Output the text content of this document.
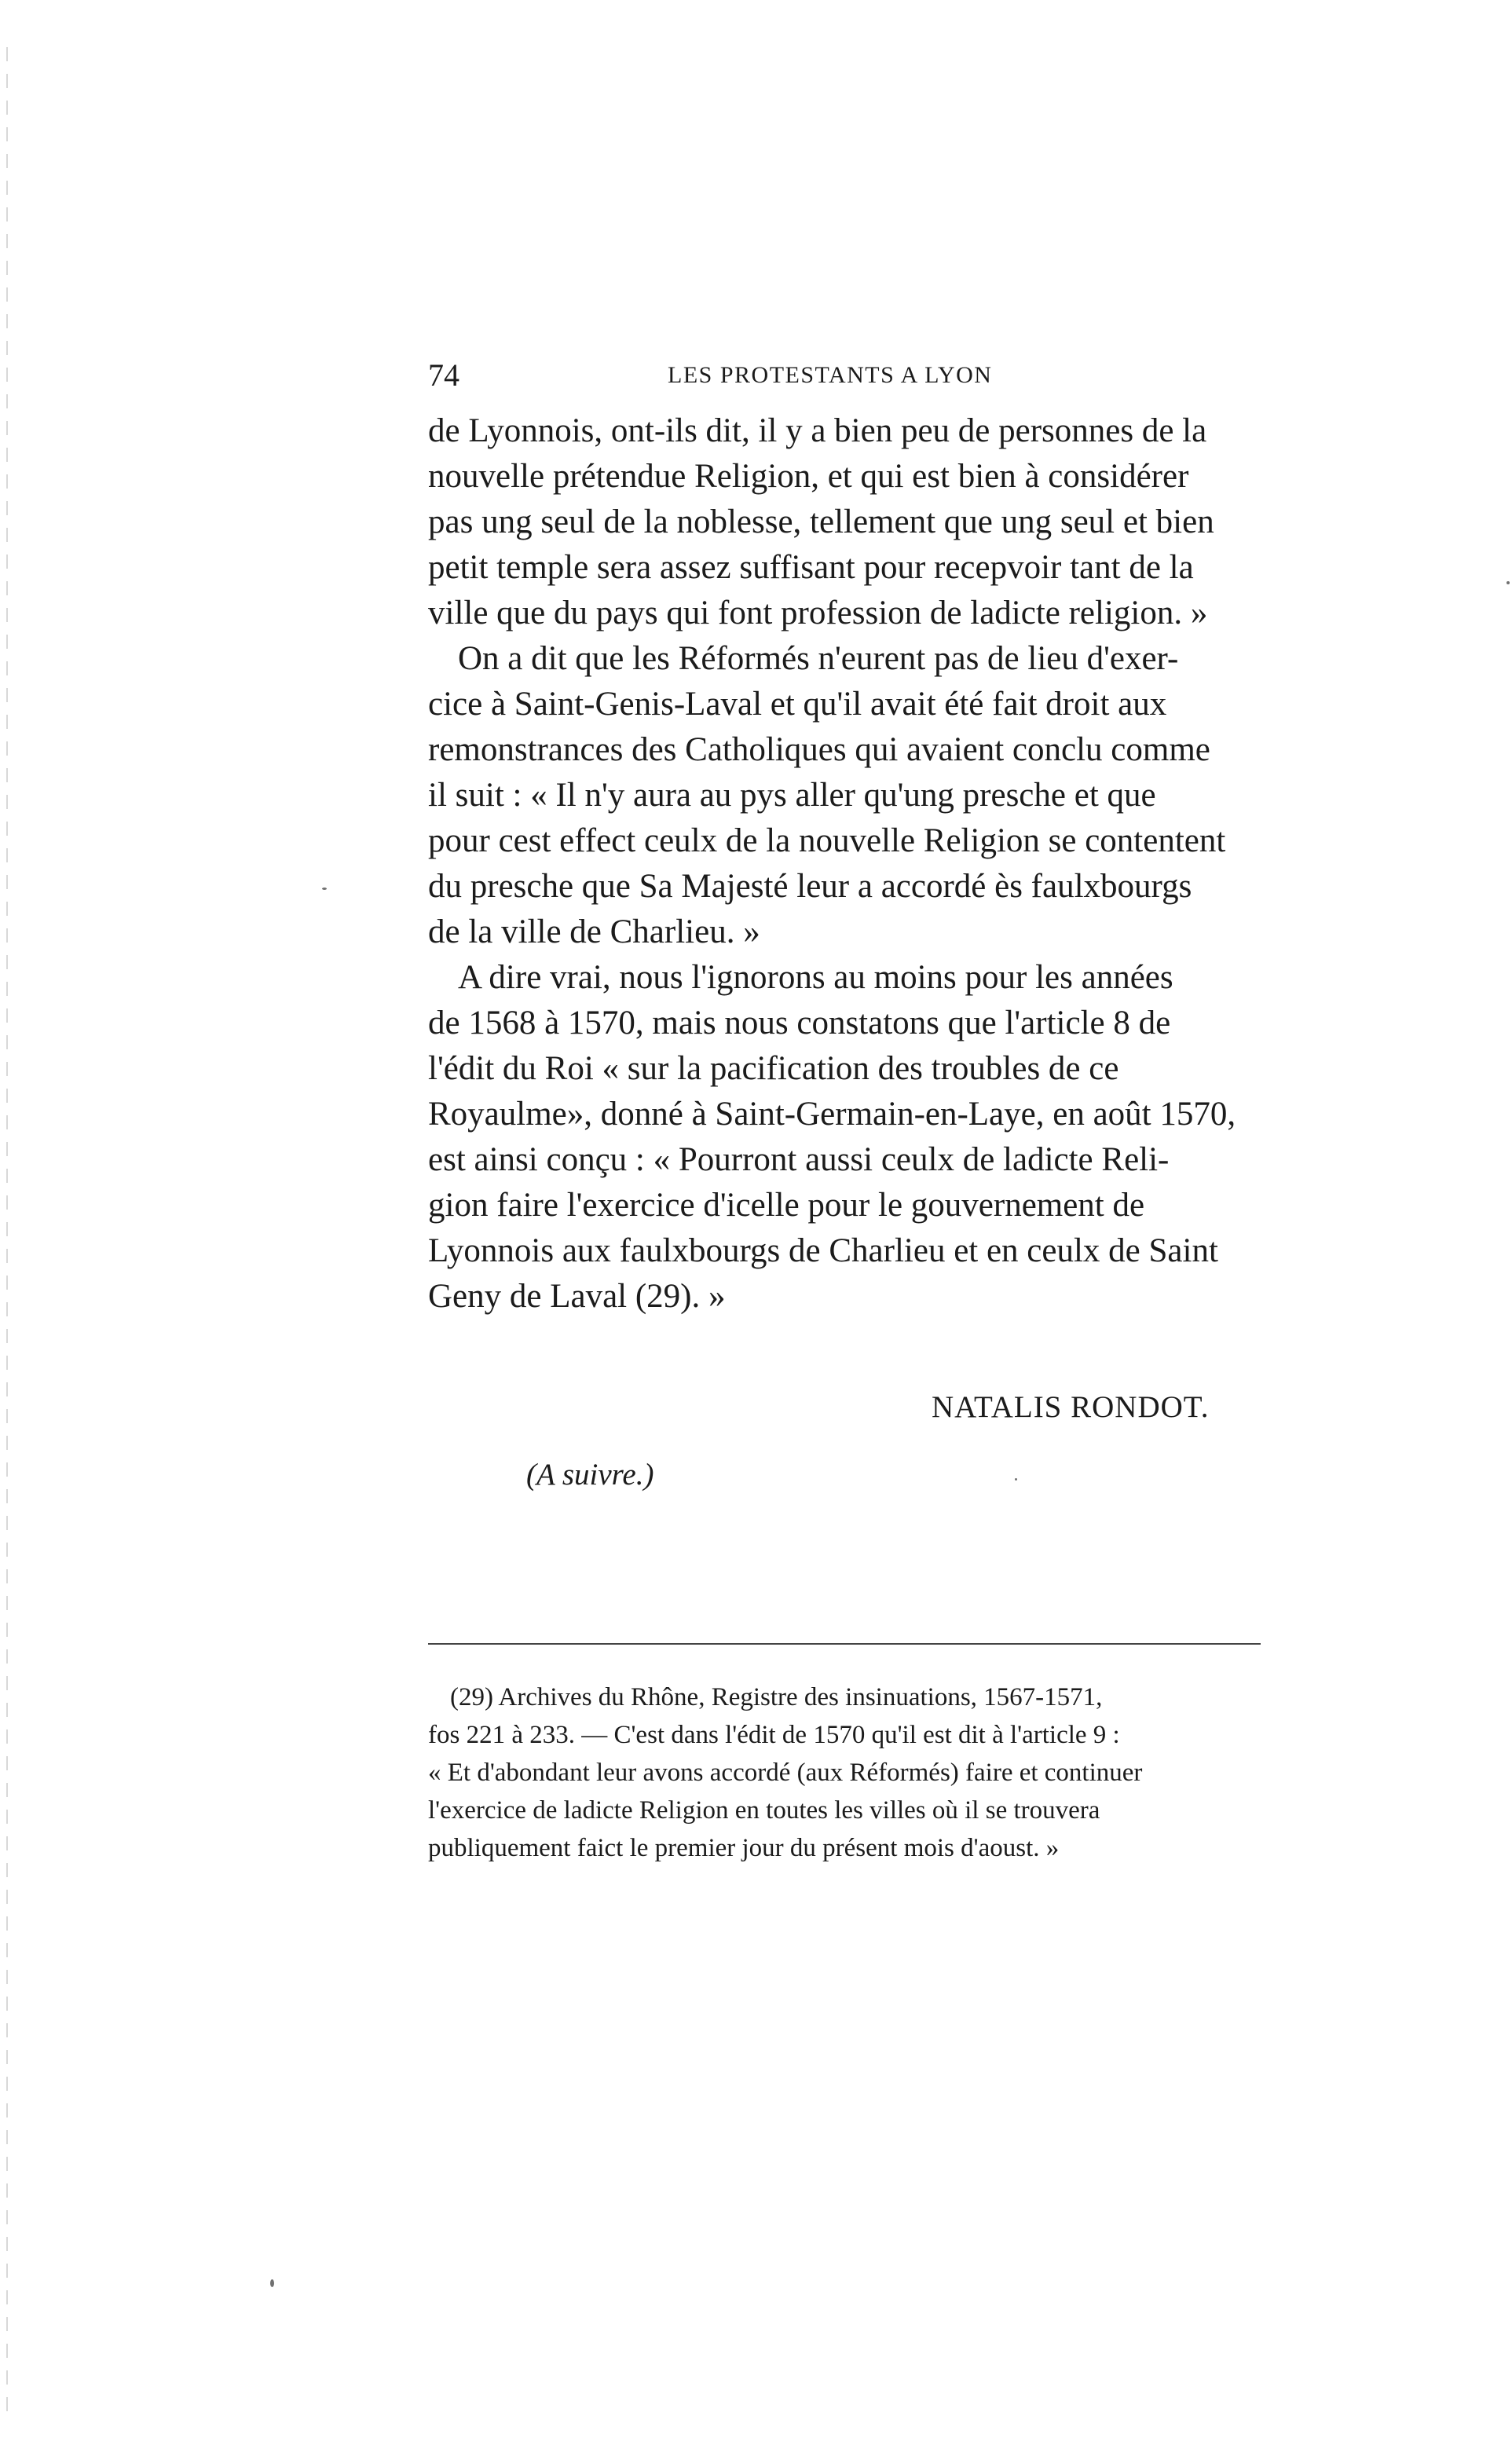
74	LES PROTESTANTS A LYON
de Lyonnois, ont-ils dit, il y a bien peu de personnes de la
nouvelle prétendue Religion, et qui est bien à considérer
pas ung seul de la noblesse, tellement que ung seul et bien
petit temple sera assez suffisant pour recepvoir tant de la
ville que du pays qui font profession de ladicte religion. »
On a dit que les Réformés n'eurent pas de lieu d'exer-
cice à Saint-Genis-Laval et qu'il avait été fait droit aux
remonstrances des Catholiques qui avaient conclu comme
il suit : « Il n'y aura au pys aller qu'ung presche et que
pour cest effect ceulx de la nouvelle Religion se contentent
du presche que Sa Majesté leur a accordé ès faulxbourgs
de la ville de Charlieu. »
A dire vrai, nous l'ignorons au moins pour les années
de 1568 à 1570, mais nous constatons que l'article 8 de
l'édit du Roi « sur la pacification des troubles de ce
Royaulme», donné à Saint-Germain-en-Laye, en août 1570,
est ainsi conçu : « Pourront aussi ceulx de ladicte Reli-
gion faire l'exercice d'icelle pour le gouvernement de
Lyonnois aux faulxbourgs de Charlieu et en ceulx de Saint
Geny de Laval (29). »
NATALIS RONDOT.
(A suivre.)
(29) Archives du Rhône, Registre des insinuations, 1567-1571,
fos 221 à 233. — C'est dans l'édit de 1570 qu'il est dit à l'article 9 :
« Et d'abondant leur avons accordé (aux Réformés) faire et continuer
l'exercice de ladicte Religion en toutes les villes où il se trouvera
publiquement faict le premier jour du présent mois d'aoust. »
